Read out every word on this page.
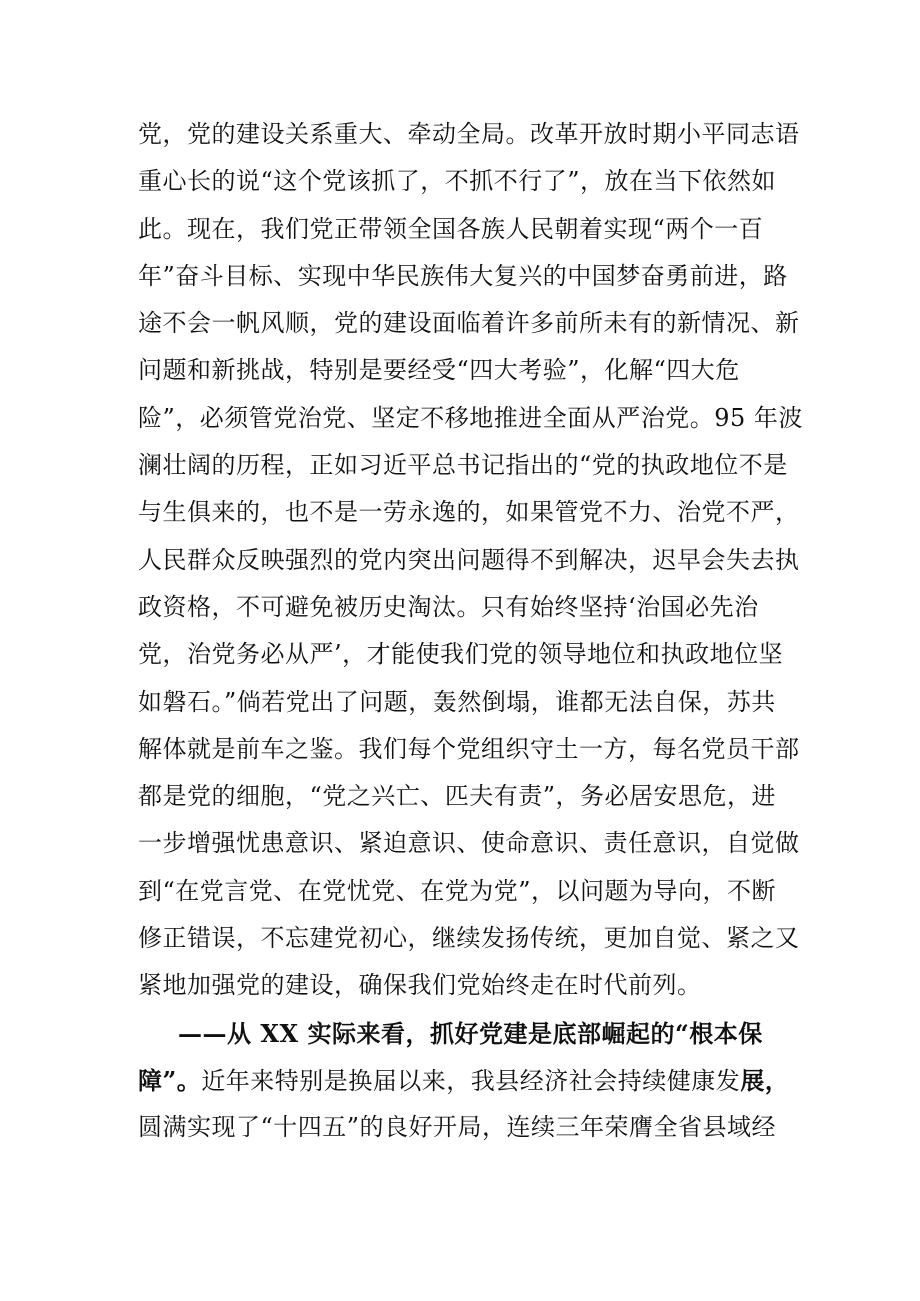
党，党的建设关系重大、牵动全局。改革开放时期小平同志语
重心长的说“这个党该抓了，不抓不行了”，放在当下依然如
此。现在，我们党正带领全国各族人民朝着实现“两个一百
年”奋斗目标、实现中华民族伟大复兴的中国梦奋勇前进，路
途不会一帆风顺，党的建设面临着许多前所未有的新情况、新
问题和新挑战，特别是要经受“四大考验”，化解“四大危
险”，必须管党治党、坚定不移地推进全面从严治党。95 年波
澜壮阔的历程，正如习近平总书记指出的“党的执政地位不是
与生俱来的，也不是一劳永逸的，如果管党不力、治党不严，
人民群众反映强烈的党内突出问题得不到解决，迟早会失去执
政资格，不可避免被历史淘汰。只有始终坚持‘治国必先治
党，治党务必从严’，才能使我们党的领导地位和执政地位坚
如磐石。”倘若党出了问题，轰然倒塌，谁都无法自保，苏共
解体就是前车之鉴。我们每个党组织守土一方，每名党员干部
都是党的细胞，“党之兴亡、匹夫有责”，务必居安思危，进
一步增强忧患意识、紧迫意识、使命意识、责任意识，自觉做
到“在党言党、在党忧党、在党为党”，以问题为导向，不断
修正错误，不忘建党初心，继续发扬传统，更加自觉、紧之又
紧地加强党的建设，确保我们党始终走在时代前列。
——从 XX 实际来看，抓好党建是底部崛起的“根本保
障”。近年来特别是换届以来，我县经济社会持续健康发展，
圆满实现了“十四五”的良好开局，连续三年荣膺全省县域经
